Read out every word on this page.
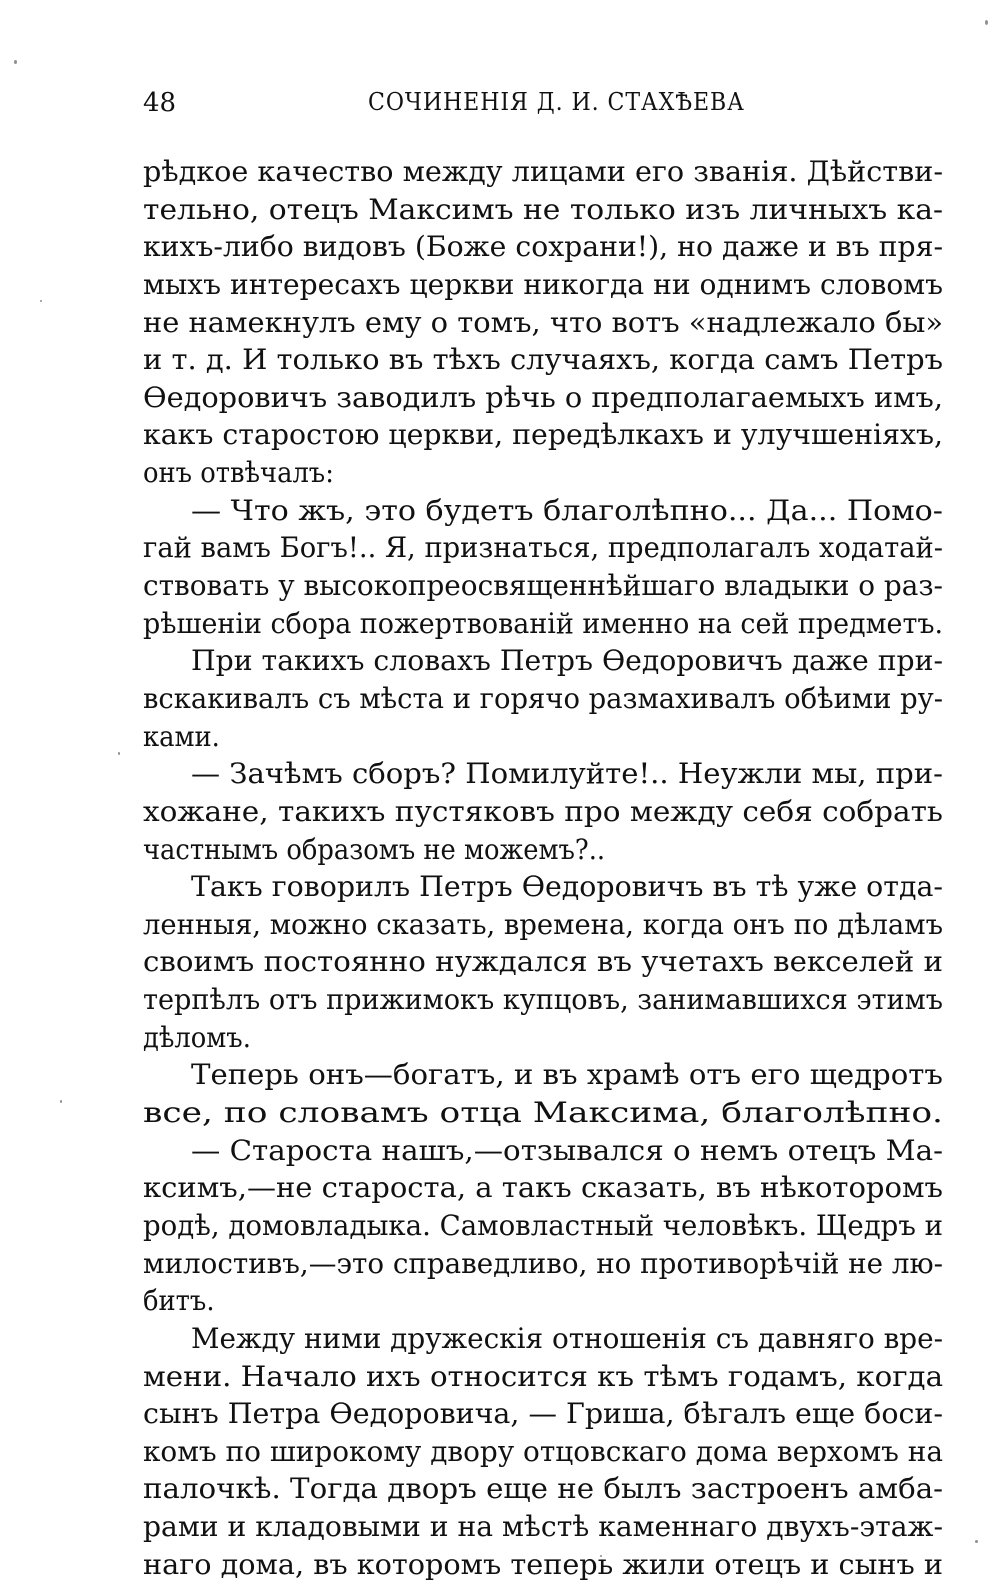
48	СОЧИНЕНIЯ Д. И. СТАХѢЕВА
рѣдкое качество между лицами его званiя. Дѣйстви-
тельно, отецъ Максимъ не только изъ личныхъ ка-
кихъ-либо видовъ (Боже сохрани!), но даже и въ пря-
мыхъ интересахъ церкви никогда ни однимъ словомъ
не намекнулъ ему о томъ, что вотъ «надлежало бы»
и т. д. И только въ тѣхъ случаяхъ, когда самъ Петръ
Өедоровичъ заводилъ рѣчь о предполагаемыхъ имъ,
какъ старостою церкви, передѣлкахъ и улучшенiяхъ,
онъ отвѣчалъ:
— Что жъ, это будетъ благолѣпно... Да... Помо-
гай вамъ Богъ!.. Я, признаться, предполагалъ ходатай-
ствовать у высокопреосвященнѣйшаго владыки о раз-
рѣшенiи сбора пожертвованiй именно на сей предметъ.
При такихъ словахъ Петръ Өедоровичъ даже при-
вскакивалъ съ мѣста и горячо размахивалъ обѣими ру-
ками.
— Зачѣмъ сборъ? Помилуйте!.. Неужли мы, при-
хожане, такихъ пустяковъ про между себя собрать
частнымъ образомъ не можемъ?..
Такъ говорилъ Петръ Өедоровичъ въ тѣ уже отда-
ленныя, можно сказать, времена, когда онъ по дѣламъ
своимъ постоянно нуждался въ учетахъ векселей и
терпѣлъ отъ прижимокъ купцовъ, занимавшихся этимъ
дѣломъ.
Теперь онъ—богатъ, и въ храмѣ отъ его щедротъ
все, по словамъ отца Максима, благолѣпно.
— Староста нашъ,—отзывался о немъ отецъ Ма-
ксимъ,—не староста, а такъ сказать, въ нѣкоторомъ
родѣ, домовладыка. Самовластный человѣкъ. Щедръ и
милостивъ,—это справедливо, но противорѣчiй не лю-
битъ.
Между ними дружескiя отношенiя съ давняго вре-
мени. Начало ихъ относится къ тѣмъ годамъ, когда
сынъ Петра Өедоровича, — Гриша, бѣгалъ еще боси-
комъ по широкому двору отцовскаго дома верхомъ на
палочкѣ. Тогда дворъ еще не былъ застроенъ амба-
рами и кладовыми и на мѣстѣ каменнаго двухъ-этаж-
наго дома, въ которомъ теперь жили отецъ и сынъ и
